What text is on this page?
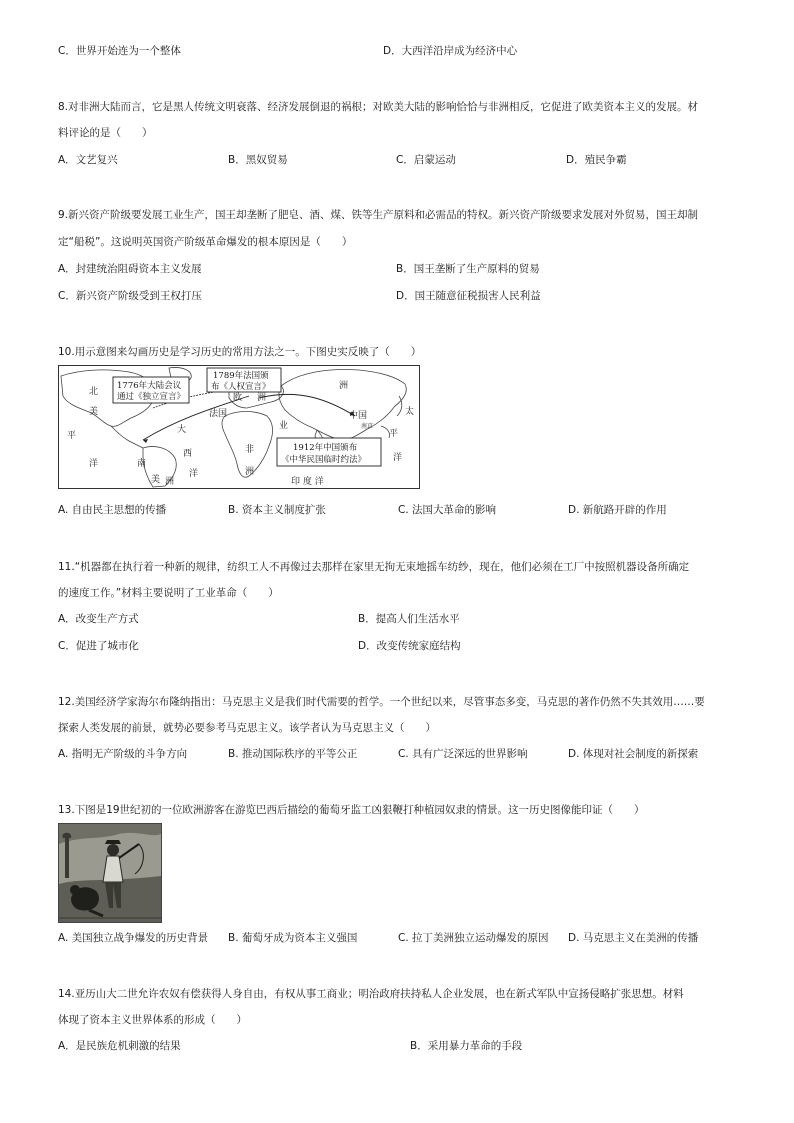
C．世界开始连为一个整体	D．大西洋沿岸成为经济中心
8.对非洲大陆而言，它是黑人传统文明衰落、经济发展倒退的祸根；对欧美大陆的影响恰恰与非洲相反，它促进了欧美资本主义的发展。材
料评论的是（　　）
A．文艺复兴	B．黑奴贸易	C．启蒙运动	D．殖民争霸
9.新兴资产阶级要发展工业生产，国王却垄断了肥皂、酒、煤、铁等生产原料和必需品的特权。新兴资产阶级要求发展对外贸易，国王却制
定“船税”。这说明英国资产阶级革命爆发的根本原因是（　　）
A．封建统治阻碍资本主义发展	B．国王垄断了生产原料的贸易
C．新兴资产阶级受到王权打压	D．国王随意征税损害人民利益
10.用示意图来勾画历史是学习历史的常用方法之一。下图史实反映了（　　）
1776年大陆会议
通过《独立宣言》
1789年法国颁
布《人权宣言》
1912年中国颁布
《中华民国临时约法》
北
美
平
洋
大
西
洋
南
美 洲
非
洲
欧 洲
洲
中国
南京
太
平
洋
法国
印 度 洋
业
A. 自由民主思想的传播	B. 资本主义制度扩张	C. 法国大革命的影响	D. 新航路开辟的作用
11.“机器都在执行着一种新的规律，纺织工人不再像过去那样在家里无拘无束地摇车纺纱，现在，他们必须在工厂中按照机器设备所确定
的速度工作。”材料主要说明了工业革命（　　）
A．改变生产方式	B．提高人们生活水平
C．促进了城市化	D．改变传统家庭结构
12.美国经济学家海尔布隆纳指出：马克思主义是我们时代需要的哲学。一个世纪以来，尽管事态多变，马克思的著作仍然不失其效用……要
探索人类发展的前景，就势必要参考马克思主义。该学者认为马克思主义（　　）
A. 指明无产阶级的斗争方向	B. 推动国际秩序的平等公正	C. 具有广泛深远的世界影响	D. 体现对社会制度的新探索
13.下图是19世纪初的一位欧洲游客在游览巴西后描绘的葡萄牙监工凶狠鞭打种植园奴隶的情景。这一历史图像能印证（　　）
A. 美国独立战争爆发的历史背景 B. 葡萄牙成为资本主义强国	C. 拉丁美洲独立运动爆发的原因 D. 马克思主义在美洲的传播
14.亚历山大二世允许农奴有偿获得人身自由，有权从事工商业；明治政府扶持私人企业发展，也在新式军队中宣扬侵略扩张思想。材料
体现了资本主义世界体系的形成（　　）
A．是民族危机刺激的结果	B．采用暴力革命的手段
